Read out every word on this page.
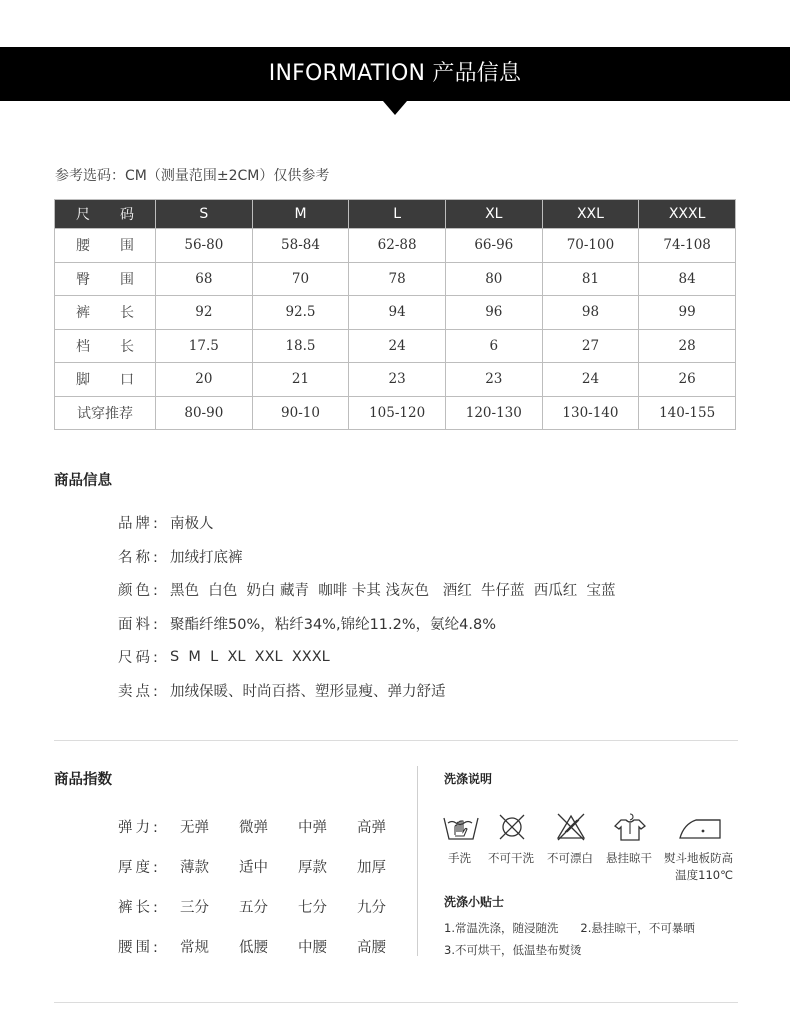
INFORMATION 产品信息
参考选码：CM（测量范围±2CM）仅供参考
尺码	S	M	L	XL	XXL	XXXL
腰围	56-80	58-84	62-88	66-96	70-100	74-108
臀围	68	70	78	80	81	84
裤长	92	92.5	94	96	98	99
档长	17.5	18.5	24	6	27	28
脚口	20	21	23	23	24	26
试穿推荐	80-90	90-10	105-120	120-130	130-140	140-155
商品信息
品牌: 南极人
名称: 加绒打底裤
颜色: 黑色  白色  奶白 藏青  咖啡 卡其 浅灰色   酒红  牛仔蓝  西瓜红  宝蓝
面料: 聚酯纤维50%，粘纤34%,锦纶11.2%，氨纶4.8%
尺码: S  M  L  XL  XXL  XXXL
卖点: 加绒保暖、时尚百搭、塑形显瘦、弹力舒适
商品指数
弹力:	无弹	微弹	中弹	高弹
厚度:	薄款	适中	厚款	加厚
裤长:	三分	五分	七分	九分
腰围:	常规	低腰	中腰	高腰
洗涤说明
手洗 不可干洗 不可漂白 悬挂晾干 熨斗地板防高
温度110℃
洗涤小贴士
1.常温洗涤，随浸随洗      2.悬挂晾干，不可暴晒
3.不可烘干，低温垫布熨烫
